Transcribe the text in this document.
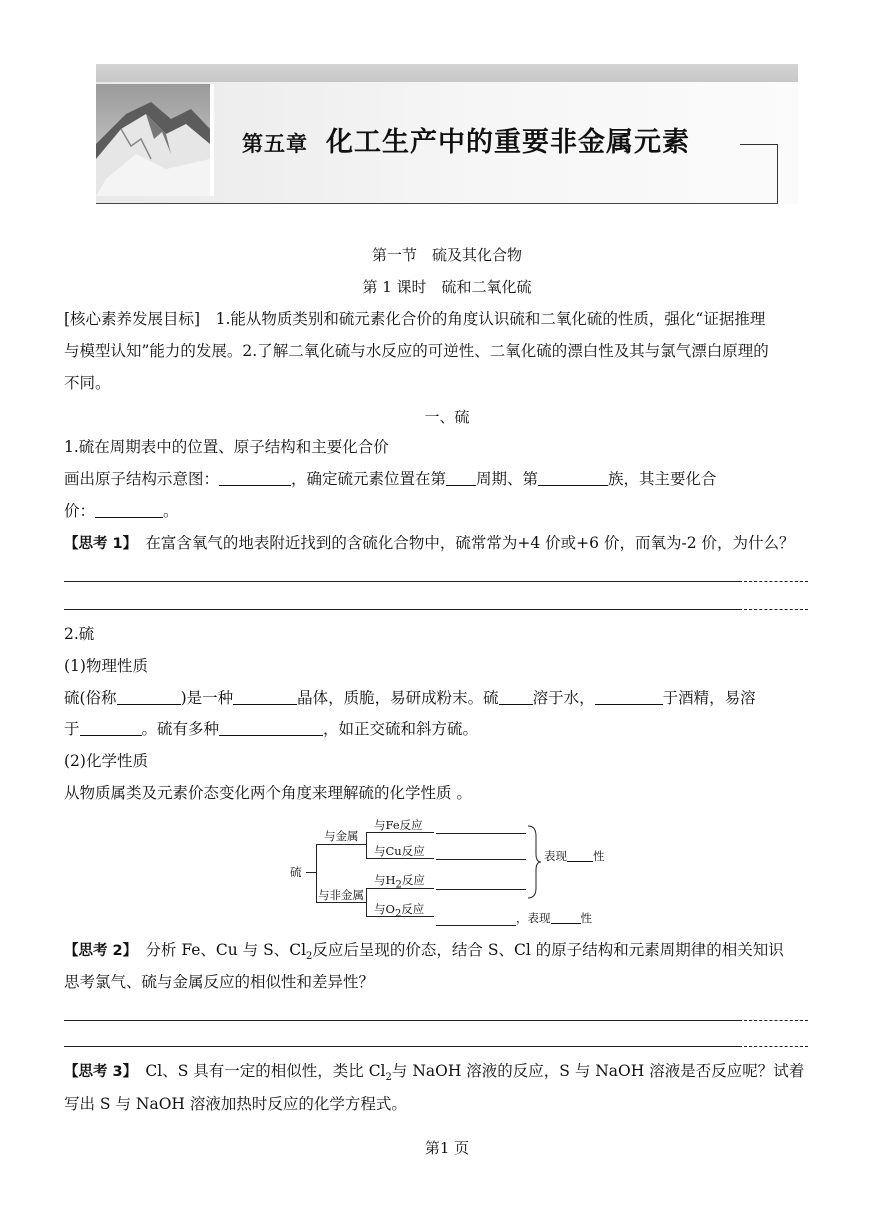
第五章 化工生产中的重要非金属元素
第一节　硫及其化合物
第 1 课时　硫和二氧化硫
[核心素养发展目标]　 1.能从物质类别和硫元素化合价的角度认识硫和二氧化硫的性质，强化“证据推理
与模型认知”能力的发展。2.了解二氧化硫与水反应的可逆性、二氧化硫的漂白性及其与氯气漂白原理的
不同。
一、硫
1.硫在周期表中的位置、原子结构和主要化合价
画出原子结构示意图：	，确定硫元素位置在第 周期、第	族，其主要化合
价：	。
【思考 1】　 在富含氧气的地表附近找到的含硫化合物中，硫常常为+4 价或+6 价，而氧为-2 价，为什么？
2.硫
(1)物理性质
硫(俗称	)是一种	晶体，质脆，易研成粉末。硫 溶于水，	于酒精，易溶
于	。硫有多种	，如正交硫和斜方硫。
(2)化学性质
从物质属类及元素价态变化两个角度来理解硫的化学性质 。
硫
与金属
与非金属
与Fe反应
与Cu反应
与$H_2$反应
与$O_2$反应
表现 性
，表现	性
【思考 2】　 分析 Fe、Cu 与 S、$Cl_2$反应后呈现的价态，结合 S、Cl 的原子结构和元素周期律的相关知识
思考氯气、硫与金属反应的相似性和差异性？
【思考 3】　 Cl、S 具有一定的相似性，类比 $Cl_2$与 NaOH 溶液的反应，S 与 NaOH 溶液是否反应呢？试着
写出 S 与 NaOH 溶液加热时反应的化学方程式。
第1 页
